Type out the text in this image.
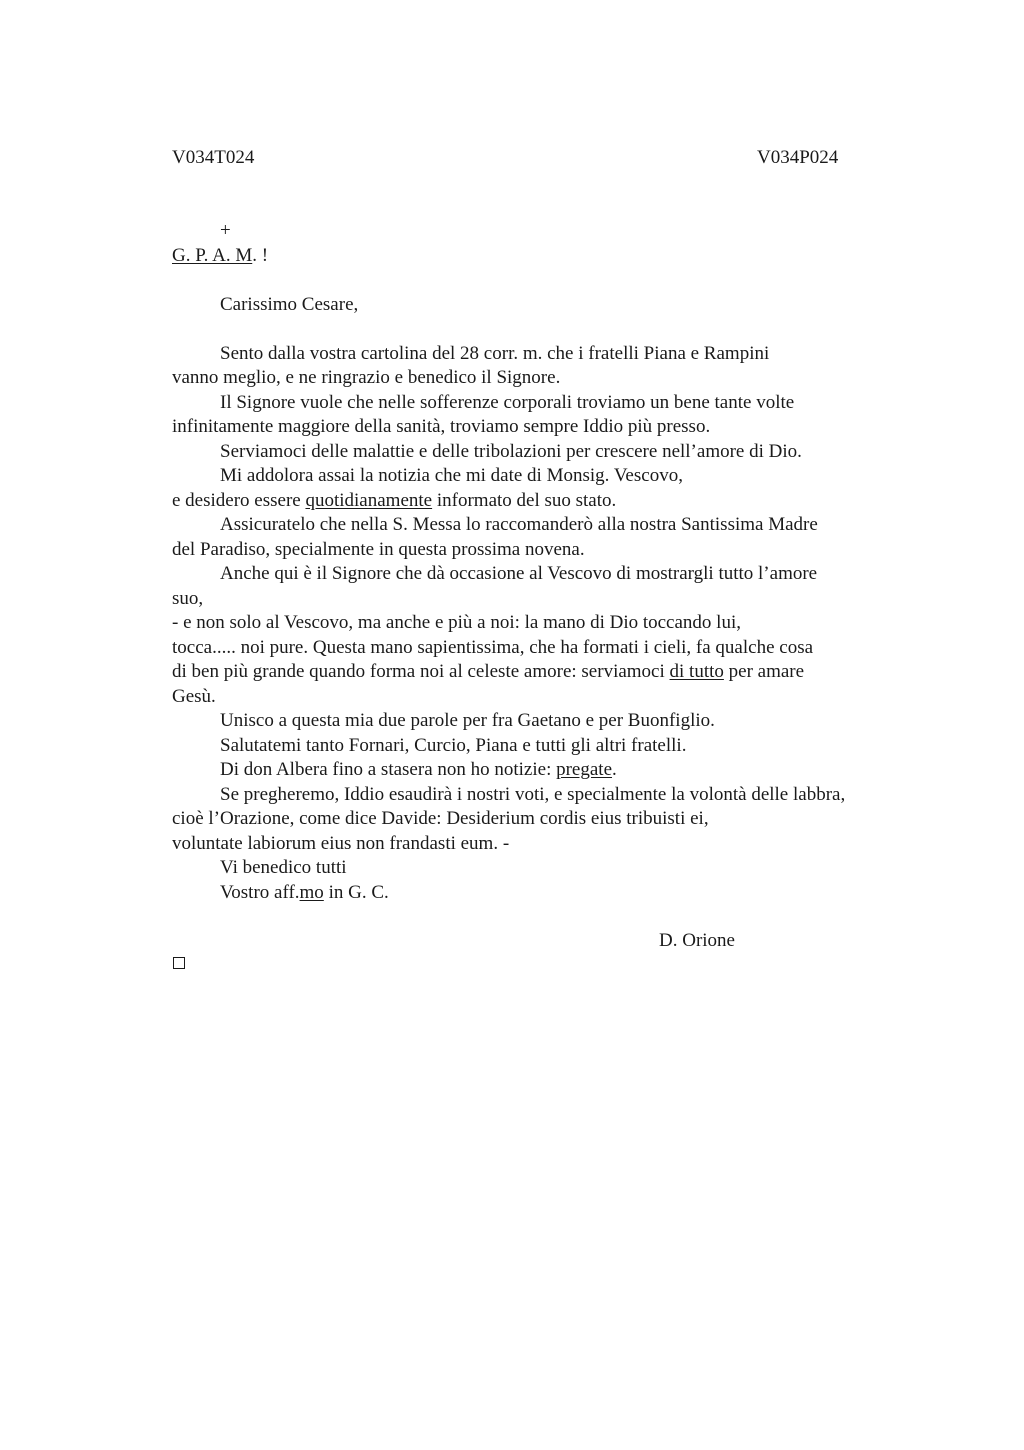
V034T024	V034P024
+
G. P. A. M. !
Carissimo Cesare,
Sento dalla vostra cartolina del 28 corr. m. che i fratelli Piana e Rampini
vanno meglio, e ne ringrazio e benedico il Signore.
Il Signore vuole che nelle sofferenze corporali troviamo un bene tante volte
infinitamente maggiore della sanità, troviamo sempre Iddio più presso.
Serviamoci delle malattie e delle tribolazioni per crescere nell’amore di Dio.
Mi addolora assai la notizia che mi date di Monsig. Vescovo,
e desidero essere quotidianamente informato del suo stato.
Assicuratelo che nella S. Messa lo raccomanderò alla nostra Santissima Madre
del Paradiso, specialmente in questa prossima novena.
Anche qui è il Signore che dà occasione al Vescovo di mostrargli tutto l’amore
suo,
- e non solo al Vescovo, ma anche e più a noi: la mano di Dio toccando lui,
tocca..... noi pure. Questa mano sapientissima, che ha formati i cieli, fa qualche cosa
di ben più grande quando forma noi al celeste amore: serviamoci di tutto per amare
Gesù.
Unisco a questa mia due parole per fra Gaetano e per Buonfiglio.
Salutatemi tanto Fornari, Curcio, Piana e tutti gli altri fratelli.
Di don Albera fino a stasera non ho notizie: pregate.
Se pregheremo, Iddio esaudirà i nostri voti, e specialmente la volontà delle labbra,
cioè l’Orazione, come dice Davide: Desiderium cordis eius tribuisti ei,
voluntate labiorum eius non frandasti eum. -
Vi benedico tutti
Vostro aff.mo in G. C.
D. Orione
